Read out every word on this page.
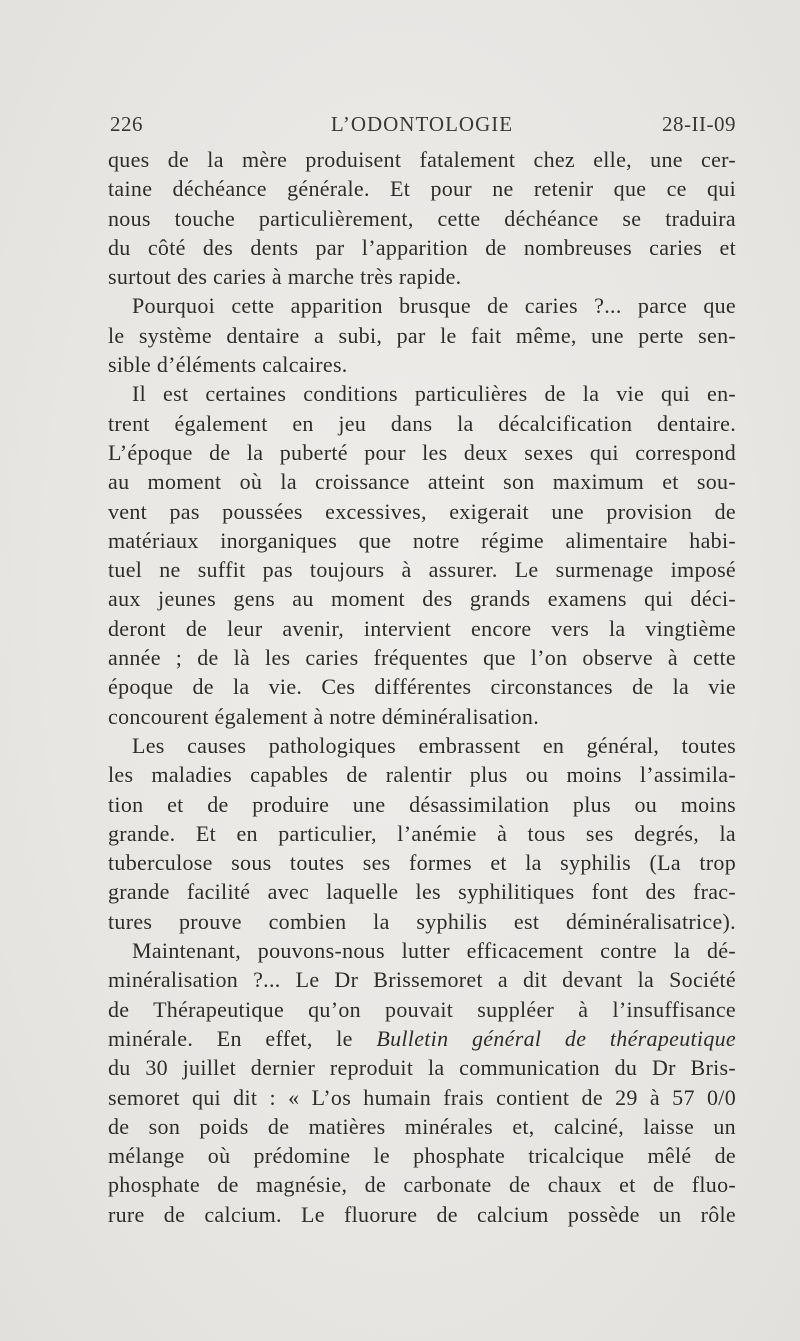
226	L’ODONTOLOGIE	28-II-09
ques de la mère produisent fatalement chez elle, une cer-
taine déchéance générale. Et pour ne retenir que ce qui
nous touche particulièrement, cette déchéance se traduira
du côté des dents par l’apparition de nombreuses caries et
surtout des caries à marche très rapide.
Pourquoi cette apparition brusque de caries ?... parce que
le système dentaire a subi, par le fait même, une perte sen-
sible d’éléments calcaires.
Il est certaines conditions particulières de la vie qui en-
trent également en jeu dans la décalcification dentaire.
L’époque de la puberté pour les deux sexes qui correspond
au moment où la croissance atteint son maximum et sou-
vent pas poussées excessives, exigerait une provision de
matériaux inorganiques que notre régime alimentaire habi-
tuel ne suffit pas toujours à assurer. Le surmenage imposé
aux jeunes gens au moment des grands examens qui déci-
deront de leur avenir, intervient encore vers la vingtième
année ; de là les caries fréquentes que l’on observe à cette
époque de la vie. Ces différentes circonstances de la vie
concourent également à notre déminéralisation.
Les causes pathologiques embrassent en général, toutes
les maladies capables de ralentir plus ou moins l’assimila-
tion et de produire une désassimilation plus ou moins
grande. Et en particulier, l’anémie à tous ses degrés, la
tuberculose sous toutes ses formes et la syphilis (La trop
grande facilité avec laquelle les syphilitiques font des frac-
tures prouve combien la syphilis est déminéralisatrice).
Maintenant, pouvons-nous lutter efficacement contre la dé-
minéralisation ?... Le Dr Brissemoret a dit devant la Société
de Thérapeutique qu’on pouvait suppléer à l’insuffisance
minérale. En effet, le Bulletin général de thérapeutique
du 30 juillet dernier reproduit la communication du Dr Bris-
semoret qui dit : « L’os humain frais contient de 29 à 57 0/0
de son poids de matières minérales et, calciné, laisse un
mélange où prédomine le phosphate tricalcique mêlé de
phosphate de magnésie, de carbonate de chaux et de fluo-
rure de calcium. Le fluorure de calcium possède un rôle
